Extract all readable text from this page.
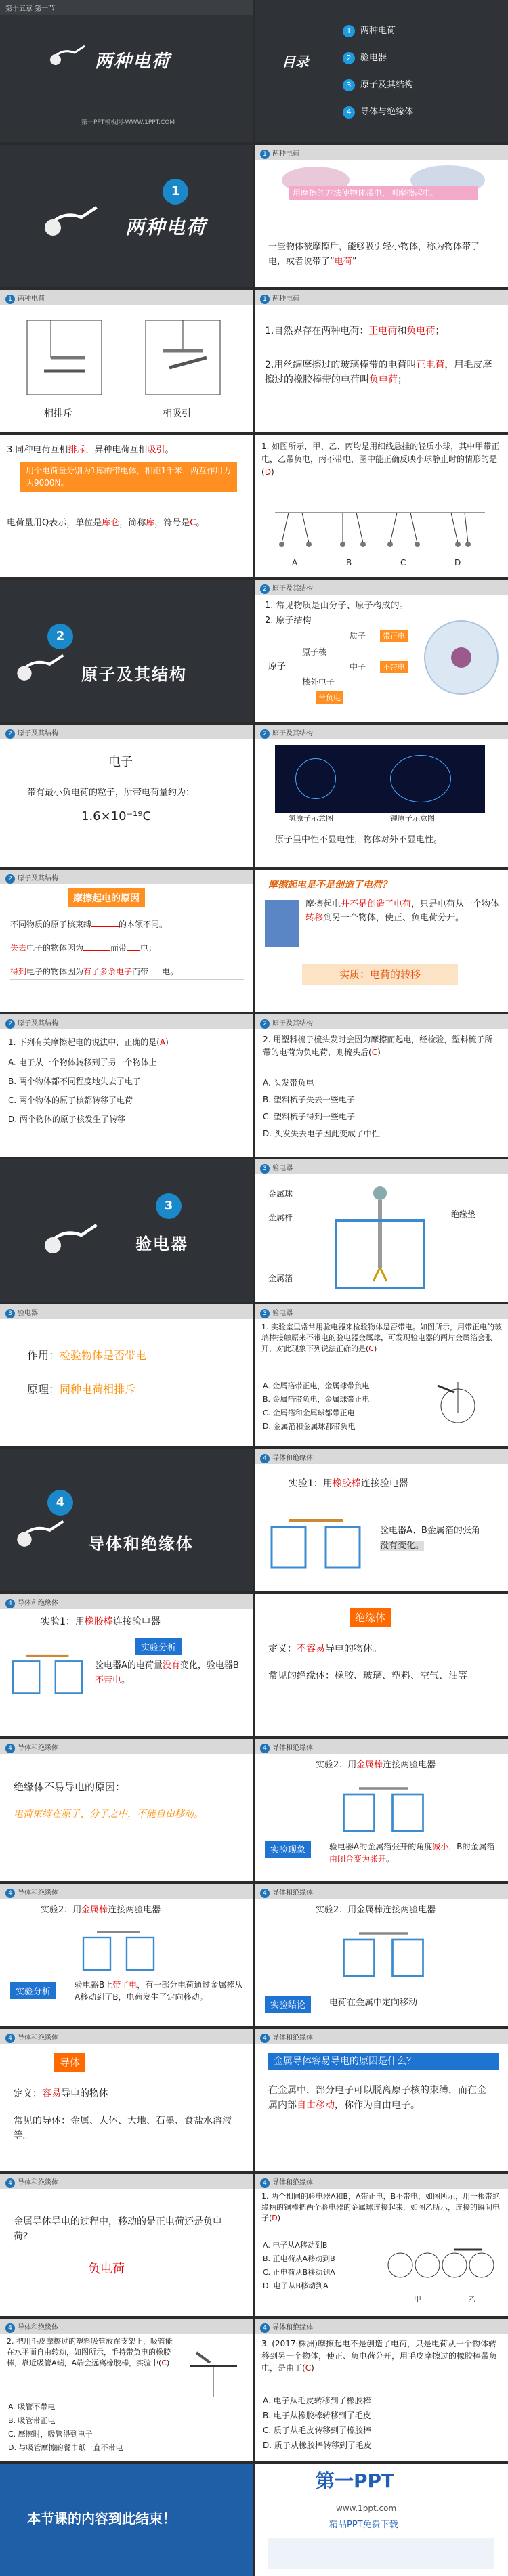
第十五章 第一节
两种电荷
第一PPT模板网-WWW.1PPT.COM
目录
1 两种电荷
2 验电器
3 原子及其结构
4 导体与绝缘体
1
两种电荷
1 两种电荷
用摩擦的方法使物体带电，叫摩擦起电。
一些物体被摩擦后，能够吸引轻小物体，称为物体带了电，或者说带了“电荷”
1 两种电荷
相排斥	相吸引
1 两种电荷
1.自然界存在两种电荷：正电荷和负电荷；
2.用丝绸摩擦过的玻璃棒带的电荷叫正电荷，用毛皮摩擦过的橡胶棒带的电荷叫负电荷；
3.同种电荷互相排斥，异种电荷互相吸引。
用个电荷量分别为1库的带电体，相距1千米，两互作用力为9000N。
电荷量用Q表示，单位是库仑，简称库，符号是C。
1. 如图所示，甲、乙、丙均是用细线悬挂的轻质小球，其中甲带正电，乙带负电，丙不带电，图中能正确反映小球静止时的情形的是(D)
A	B	C	D
2
原子及其结构
2 原子及其结构
1. 常见物质是由分子、原子构成的。
2. 原子结构
原子
原子核
核外电子
质子
中子
带正电
不带电
带负电
2 原子及其结构
电子
带有最小负电荷的粒子，所带电荷量约为：
1.6×10⁻¹⁹C
2 原子及其结构
氢原子示意图	锂原子示意图
原子呈中性不显电性，物体对外不显电性。
2 原子及其结构
摩擦起电的原因
不同物质的原子核束缚	的本领不同。
失去电子的物体因为	而带 电；
得到电子的物体因为有了多余电子而带 电。
摩擦起电是不是创造了电荷？
摩擦起电并不是创造了电荷，只是电荷从一个物体转移到另一个物体，使正、负电荷分开。
实质：电荷的转移
2 原子及其结构
1. 下列有关摩擦起电的说法中，正确的是(A)
A. 电子从一个物体转移到了另一个物体上
B. 两个物体都不同程度地失去了电子
C. 两个物体的原子核都转移了电荷
D. 两个物体的原子核发生了转移
2 原子及其结构
2. 用塑料梳子梳头发时会因为摩擦而起电，经检验，塑料梳子所带的电荷为负电荷，则梳头后(C)
A. 头发带负电
B. 塑料梳子失去一些电子
C. 塑料梳子得到一些电子
D. 头发失去电子因此变成了中性
3
验电器
3 验电器
金属球
金属杆
金属箔
绝缘垫
3 验电器
作用：检验物体是否带电
原理：同种电荷相排斥
3 验电器
1. 实验室里常常用验电器来检验物体是否带电。如图所示，用带正电的玻璃棒接触原来不带电的验电器金属球，可发现验电器的两片金属箔会张开，对此现象下列说法正确的是(C)
A. 金属箔带正电，金属球带负电
B. 金属箔带负电，金属球带正电
C. 金属箔和金属球都带正电
D. 金属箔和金属球都带负电
4
导体和绝缘体
4 导体和绝缘体
实验1：用橡胶棒连接验电器
验电器A、B金属箔的张角
没有变化。
4 导体和绝缘体
实验1：用橡胶棒连接验电器
实验分析
验电器A的电荷量没有变化，验电器B不带电。
绝缘体
定义：不容易导电的物体。
常见的绝缘体：橡胶、玻璃、塑料、空气、油等
4 导体和绝缘体
绝缘体不易导电的原因：
电荷束缚在原子、分子之中，不能自由移动。
4 导体和绝缘体
实验2：用金属棒连接两验电器
实验现象	验电器A的金属箔张开的角度减小，B的金属箔由闭合变为张开。
4 导体和绝缘体
实验2：用金属棒连接两验电器
实验分析
验电器B上带了电，有一部分电荷通过金属棒从A移动到了B，电荷发生了定向移动。
4 导体和绝缘体
实验2：用金属棒连接两验电器
实验结论	电荷在金属中定向移动
4 导体和绝缘体
导体
定义：容易导电的物体
常见的导体：金属、人体、大地、石墨、食盐水溶液等。
4 导体和绝缘体
金属导体容易导电的原因是什么？
在金属中，部分电子可以脱离原子核的束缚，而在金属内部自由移动，称作为自由电子。
4 导体和绝缘体
金属导体导电的过程中，移动的是正电荷还是负电荷？
负电荷
4 导体和绝缘体
1. 两个相同的验电器A和B，A带正电，B不带电，如图所示，用一根带绝缘柄的铜棒把两个验电器的金属球连接起来，如图乙所示，连接的瞬间电子(D)
A. 电子从A移动到B
B. 正电荷从A移动到B
C. 正电荷从B移动到A
D. 电子从B移动到A
甲	乙
4 导体和绝缘体
2. 把用毛皮摩擦过的塑料吸管放在支架上，吸管能在水平面自由转动，如图所示，手持带负电的橡胶棒，靠近吸管A端，A端会远离橡胶棒，实验中(C)
A. 吸管不带电
B. 吸管带正电
C. 摩擦时，吸管得到电子
D. 与吸管摩擦的餐巾纸一直不带电
4 导体和绝缘体
3. (2017·株洲)摩擦起电不是创造了电荷，只是电荷从一个物体转移到另一个物体，使正、负电荷分开，用毛皮摩擦过的橡胶棒带负电，是由于(C)
A. 电子从毛皮转移到了橡胶棒
B. 电子从橡胶棒转移到了毛皮
C. 质子从毛皮转移到了橡胶棒
D. 质子从橡胶棒转移到了毛皮
本节课的内容到此结束！
第一PPT
www.1ppt.com
精品PPT免费下载
